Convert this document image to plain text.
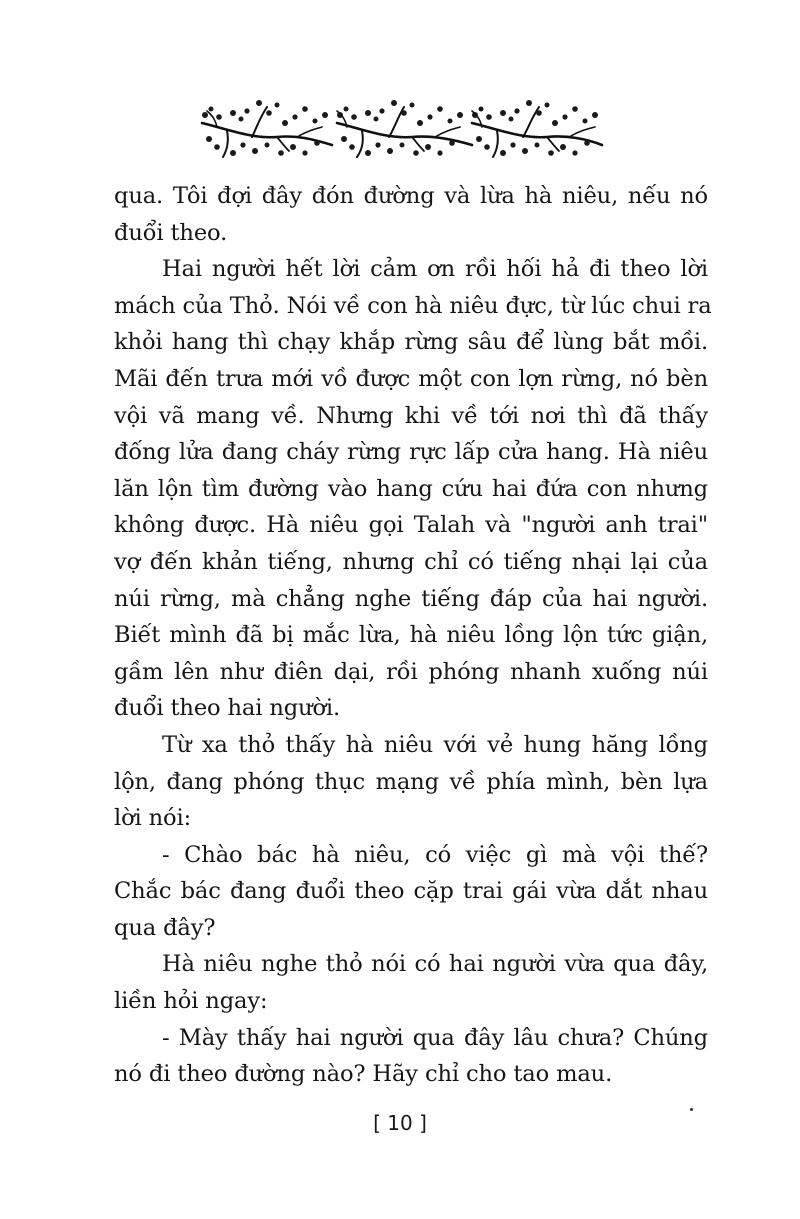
qua. Tôi đợi đây đón đường và lừa hà niêu, nếu nó
đuổi theo.
Hai người hết lời cảm ơn rồi hối hả đi theo lời
mách của Thỏ. Nói về con hà niêu đực, từ lúc chui ra
khỏi hang thì chạy khắp rừng sâu để lùng bắt mồi.
Mãi đến trưa mới vồ được một con lợn rừng, nó bèn
vội vã mang về. Nhưng khi về tới nơi thì đã thấy
đống lửa đang cháy rừng rực lấp cửa hang. Hà niêu
lăn lộn tìm đường vào hang cứu hai đứa con nhưng
không được. Hà niêu gọi Talah và "người anh trai"
vợ đến khản tiếng, nhưng chỉ có tiếng nhại lại của
núi rừng, mà chẳng nghe tiếng đáp của hai người.
Biết mình đã bị mắc lừa, hà niêu lồng lộn tức giận,
gầm lên như điên dại, rồi phóng nhanh xuống núi
đuổi theo hai người.
Từ xa thỏ thấy hà niêu với vẻ hung hăng lồng
lộn, đang phóng thục mạng về phía mình, bèn lựa
lời nói:
- Chào bác hà niêu, có việc gì mà vội thế?
Chắc bác đang đuổi theo cặp trai gái vừa dắt nhau
qua đây?
Hà niêu nghe thỏ nói có hai người vừa qua đây,
liền hỏi ngay:
- Mày thấy hai người qua đây lâu chưa? Chúng
nó đi theo đường nào? Hãy chỉ cho tao mau.
[ 10 ]
